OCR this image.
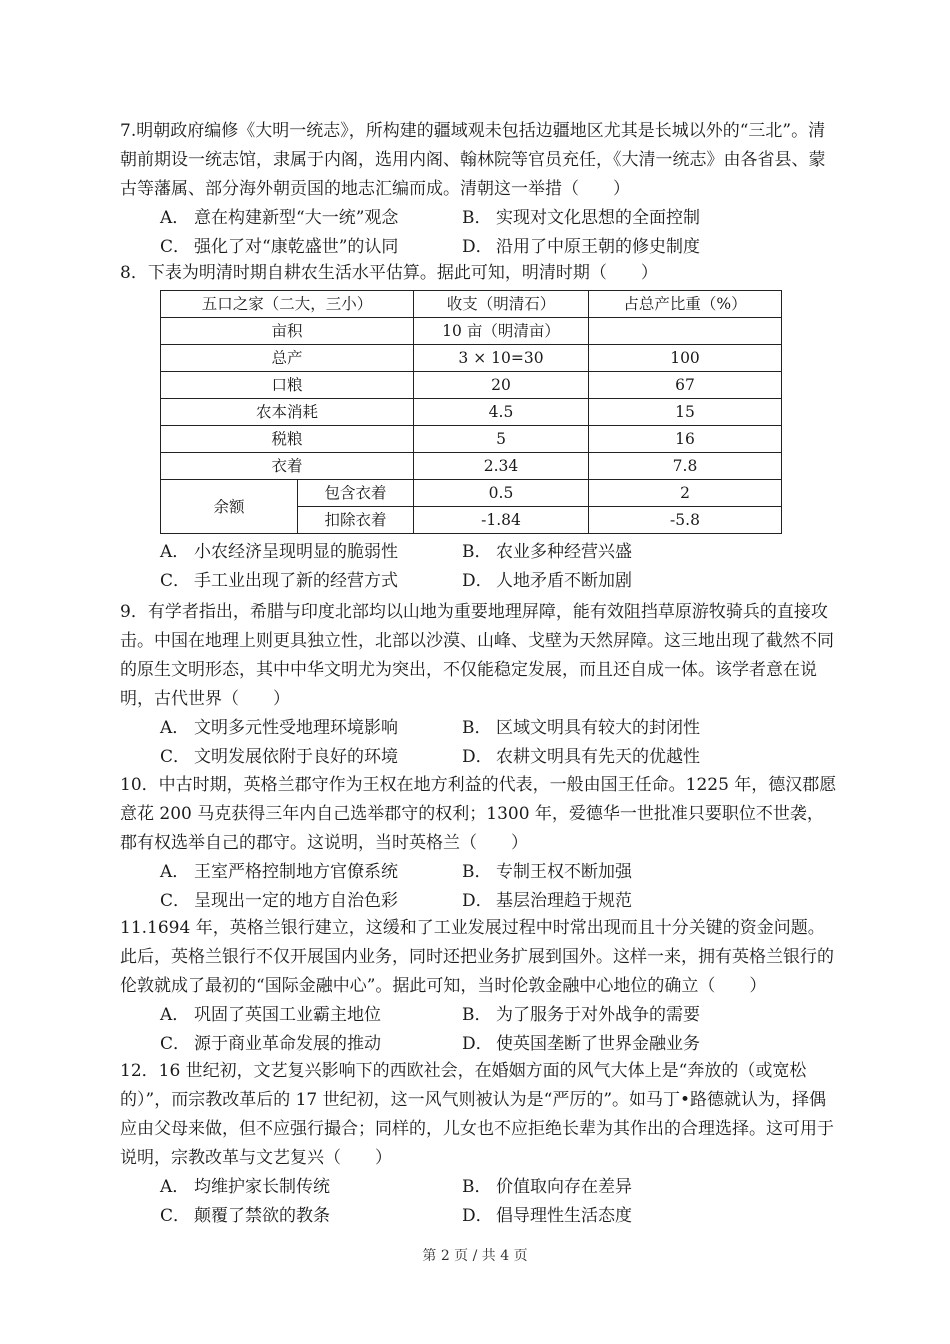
7.明朝政府编修《大明一统志》，所构建的疆域观未包括边疆地区尤其是长城以外的“三北”。清朝前期设一统志馆，隶属于内阁，选用内阁、翰林院等官员充任，《大清一统志》由各省县、蒙古等藩属、部分海外朝贡国的地志汇编而成。清朝这一举措（　　）

A． 意在构建新型“大一统”观念	B． 实现对文化思想的全面控制
C． 强化了对“康乾盛世”的认同	D． 沿用了中原王朝的修史制度

8．下表为明清时期自耕农生活水平估算。据此可知，明清时期（　　）

五口之家（二大，三小）		收支（明清石）	占总产比重（%）
亩积		10 亩（明清亩）	
总产		3 × 10=30	100
口粮		20	67
农本消耗		4.5	15
税粮		5	16
衣着		2.34	7.8
余额	包含衣着	0.5	2
	扣除衣着	-1.84	-5.8
A． 小农经济呈现明显的脆弱性	B． 农业多种经营兴盛
C． 手工业出现了新的经营方式	D． 人地矛盾不断加剧

9．有学者指出，希腊与印度北部均以山地为重要地理屏障，能有效阻挡草原游牧骑兵的直接攻击。中国在地理上则更具独立性，北部以沙漠、山峰、戈壁为天然屏障。这三地出现了截然不同的原生文明形态，其中中华文明尤为突出，不仅能稳定发展，而且还自成一体。该学者意在说明，古代世界（　　）

A． 文明多元性受地理环境影响	B． 区域文明具有较大的封闭性
C． 文明发展依附于良好的环境	D． 农耕文明具有先天的优越性

10．中古时期，英格兰郡守作为王权在地方利益的代表，一般由国王任命。1225 年，德汉郡愿意花 200 马克获得三年内自己选举郡守的权利；1300 年，爱德华一世批准只要职位不世袭，郡有权选举自己的郡守。这说明，当时英格兰（　　）

A． 王室严格控制地方官僚系统	B． 专制王权不断加强
C． 呈现出一定的地方自治色彩	D． 基层治理趋于规范

11.1694 年，英格兰银行建立，这缓和了工业发展过程中时常出现而且十分关键的资金问题。此后，英格兰银行不仅开展国内业务，同时还把业务扩展到国外。这样一来，拥有英格兰银行的伦敦就成了最初的“国际金融中心”。据此可知，当时伦敦金融中心地位的确立（　　）

A． 巩固了英国工业霸主地位	B． 为了服务于对外战争的需要
C． 源于商业革命发展的推动	D． 使英国垄断了世界金融业务

12．16 世纪初，文艺复兴影响下的西欧社会，在婚姻方面的风气大体上是“奔放的（或宽松的）”，而宗教改革后的 17 世纪初，这一风气则被认为是“严厉的”。如马丁•路德就认为，择偶应由父母来做，但不应强行撮合；同样的，儿女也不应拒绝长辈为其作出的合理选择。这可用于说明，宗教改革与文艺复兴（　　）

A． 均维护家长制传统	B． 价值取向存在差异
C． 颠覆了禁欲的教条	D． 倡导理性生活态度
第 2 页 / 共 4 页
